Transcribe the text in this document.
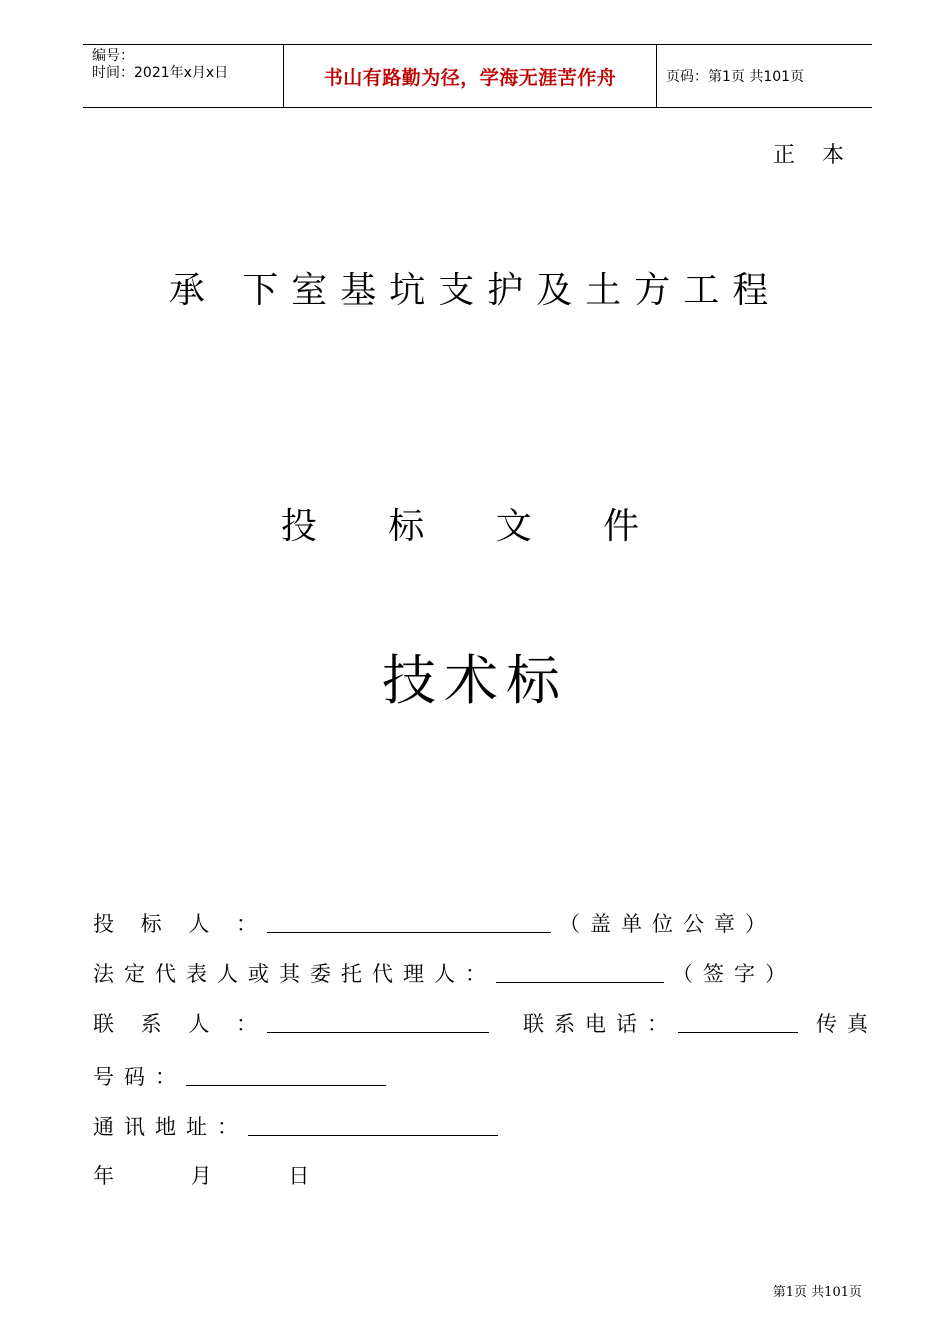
编号：
时间：2021年x月x日	书山有路勤为径，学海无涯苦作舟	页码：第1页 共101页
正 本
承 下室基坑支护及土方工程
投 标 文 件
技术标
投 标 人 ：	（盖单位公章）
法定代表人或其委托代理人：	（签字）
联 系 人 ：	联系电话：	传真
号码：
通讯地址：
年    月    日
第1页 共101页
